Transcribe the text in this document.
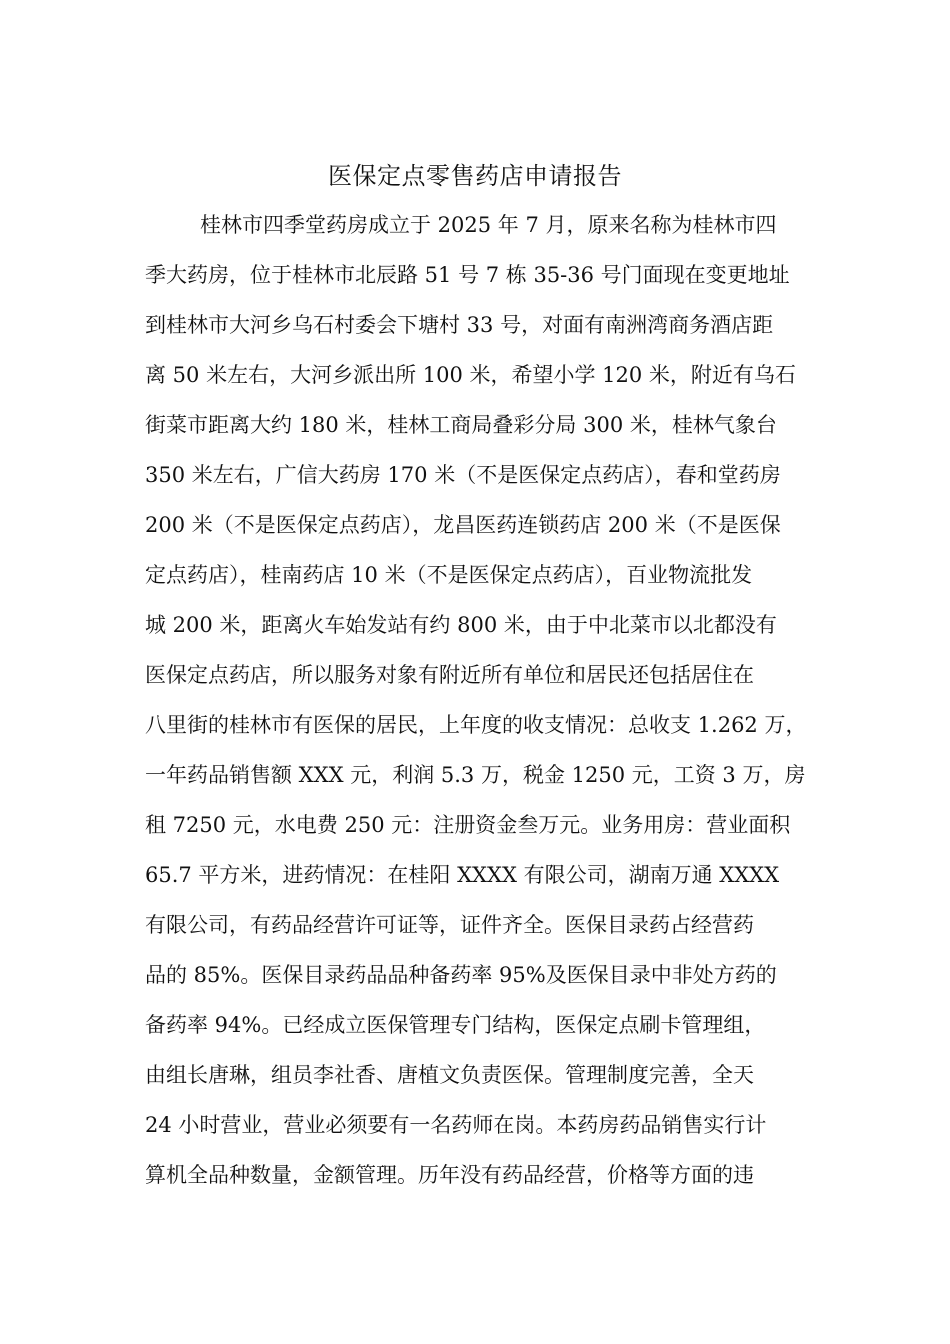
医保定点零售药店申请报告
桂林市四季堂药房成立于 2025 年 7 月，原来名称为桂林市四
季大药房，位于桂林市北辰路 51 号 7 栋 35-36 号门面现在变更地址
到桂林市大河乡乌石村委会下塘村 33 号，对面有南洲湾商务酒店距
离 50 米左右，大河乡派出所 100 米，希望小学 120 米，附近有乌石
街菜市距离大约 180 米，桂林工商局叠彩分局 300 米，桂林气象台
350 米左右，广信大药房 170 米（不是医保定点药店），春和堂药房
200 米（不是医保定点药店），龙昌医药连锁药店 200 米（不是医保
定点药店），桂南药店 10 米（不是医保定点药店），百业物流批发
城 200 米，距离火车始发站有约 800 米，由于中北菜市以北都没有
医保定点药店，所以服务对象有附近所有单位和居民还包括居住在
八里街的桂林市有医保的居民，上年度的收支情况：总收支 1.262 万，
一年药品销售额 XXX 元，利润 5.3 万，税金 1250 元，工资 3 万，房
租 7250 元，水电费 250 元：注册资金叁万元。业务用房：营业面积
65.7 平方米，进药情况：在桂阳 XXXX 有限公司，湖南万通 XXXX
有限公司，有药品经营许可证等，证件齐全。医保目录药占经营药
品的 85%。医保目录药品品种备药率 95%及医保目录中非处方药的
备药率 94%。已经成立医保管理专门结构，医保定点刷卡管理组，
由组长唐琳，组员李社香、唐植文负责医保。管理制度完善，全天
24 小时营业，营业必须要有一名药师在岗。本药房药品销售实行计
算机全品种数量，金额管理。历年没有药品经营，价格等方面的违
